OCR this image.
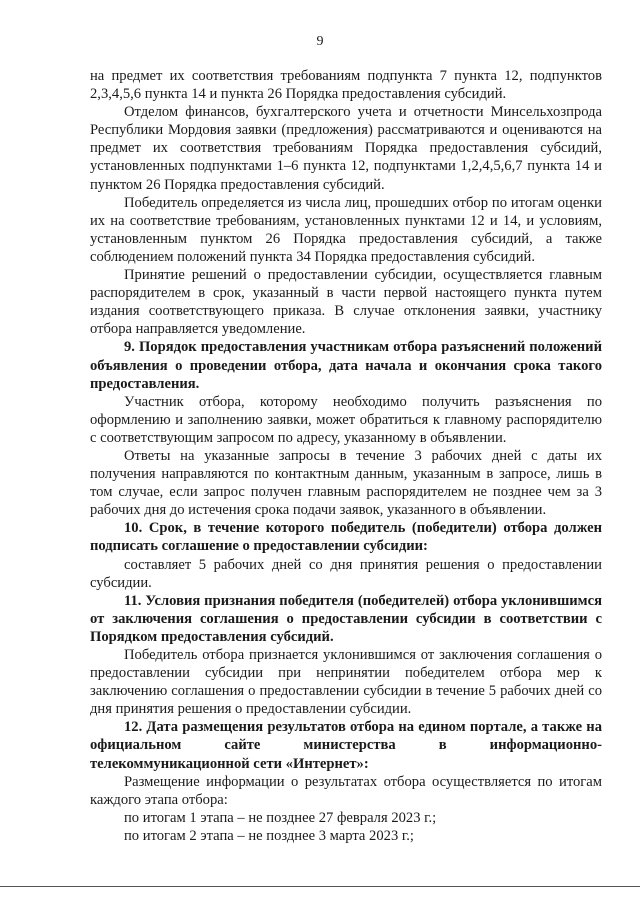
9

на предмет их соответствия требованиям подпункта 7 пункта 12, подпунктов 2,3,4,5,6 пункта 14 и пункта 26 Порядка предоставления субсидий.

Отделом финансов, бухгалтерского учета и отчетности Минсельхозпрода Республики Мордовия заявки (предложения) рассматриваются и оцениваются на предмет их соответствия требованиям Порядка предоставления субсидий, установленных подпунктами 1–6 пункта 12, подпунктами 1,2,4,5,6,7 пункта 14 и пунктом 26 Порядка предоставления субсидий.

Победитель определяется из числа лиц, прошедших отбор по итогам оценки их на соответствие требованиям, установленных пунктами 12 и 14, и условиям, установленным пунктом 26 Порядка предоставления субсидий, а также соблюдением положений пункта 34 Порядка предоставления субсидий.

Принятие решений о предоставлении субсидии, осуществляется главным распорядителем в срок, указанный в части первой настоящего пункта путем издания соответствующего приказа. В случае отклонения заявки, участнику отбора направляется уведомление.

9. Порядок предоставления участникам отбора разъяснений положений объявления о проведении отбора, дата начала и окончания срока такого предоставления.

Участник отбора, которому необходимо получить разъяснения по оформлению и заполнению заявки, может обратиться к главному распорядителю с соответствующим запросом по адресу, указанному в объявлении.

Ответы на указанные запросы в течение 3 рабочих дней с даты их получения направляются по контактным данным, указанным в запросе, лишь в том случае, если запрос получен главным распорядителем не позднее чем за 3 рабочих дня до истечения срока подачи заявок, указанного в объявлении.

10. Срок, в течение которого победитель (победители) отбора должен подписать соглашение о предоставлении субсидии:

составляет 5 рабочих дней со дня принятия решения о предоставлении субсидии.

11. Условия признания победителя (победителей) отбора уклонившимся от заключения соглашения о предоставлении субсидии в соответствии с Порядком предоставления субсидий.

Победитель отбора признается уклонившимся от заключения соглашения о предоставлении субсидии при непринятии победителем отбора мер к заключению соглашения о предоставлении субсидии в течение 5 рабочих дней со дня принятия решения о предоставлении субсидии.

12. Дата размещения результатов отбора на едином портале, а также на официальном сайте министерства в информационно-телекоммуникационной сети «Интернет»:

Размещение информации о результатах отбора осуществляется по итогам каждого этапа отбора:

по итогам 1 этапа – не позднее 27 февраля 2023 г.;

по итогам 2 этапа – не позднее 3 марта 2023 г.;
